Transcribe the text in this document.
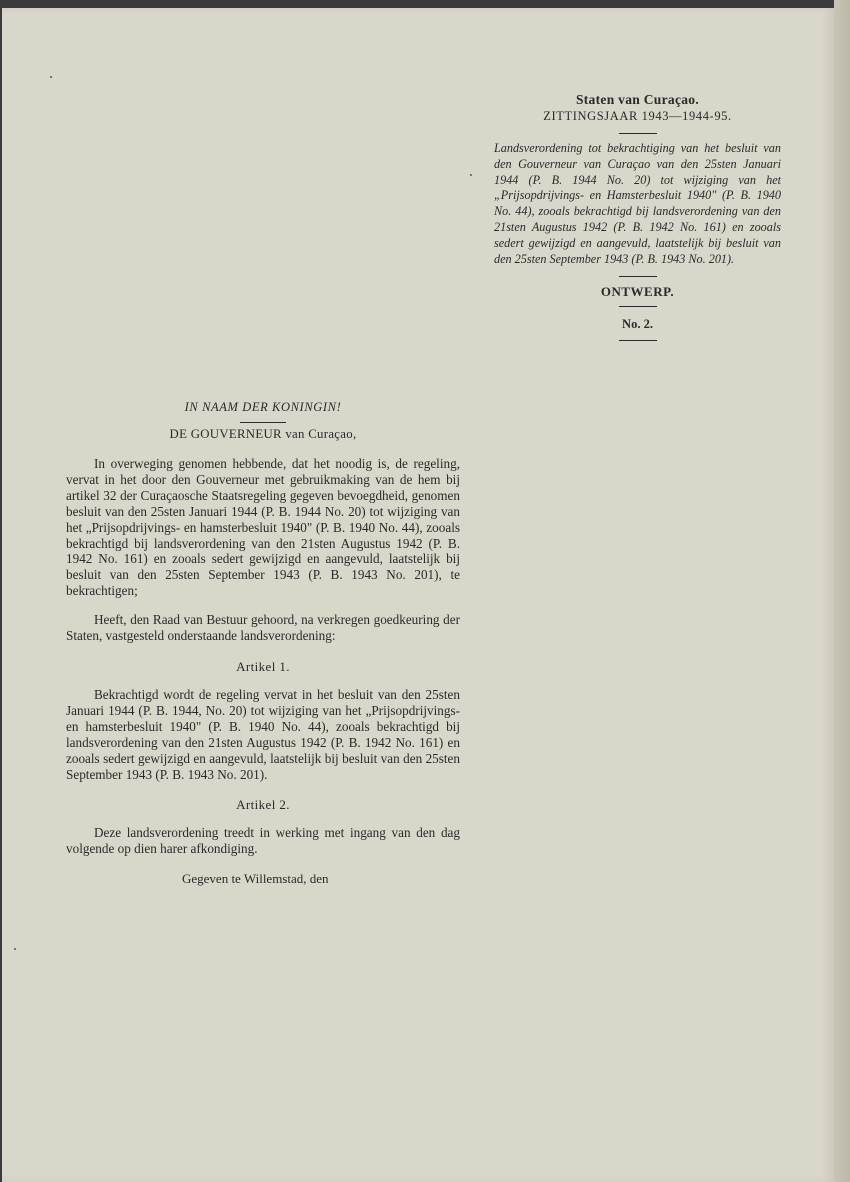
Staten van Curaçao.
ZITTINGSJAAR 1943—1944-95.
Landsverordening tot bekrachtiging van het besluit van den Gouverneur van Curaçao van den 25sten Januari 1944 (P. B. 1944 No. 20) tot wijziging van het „Prijsopdrijvings- en Hamsterbesluit 1940" (P. B. 1940 No. 44), zooals bekrachtigd bij landsverordening van den 21sten Augustus 1942 (P. B. 1942 No. 161) en zooals sedert gewijzigd en aangevuld, laatstelijk bij besluit van den 25sten September 1943 (P. B. 1943 No. 201).
ONTWERP.
No. 2.
IN NAAM DER KONINGIN!
DE GOUVERNEUR van Curaçao,

In overweging genomen hebbende, dat het noodig is, de regeling, vervat in het door den Gouverneur met gebruikmaking van de hem bij artikel 32 der Curaçaosche Staatsregeling gegeven bevoegdheid, genomen besluit van den 25sten Januari 1944 (P. B. 1944 No. 20) tot wijziging van het „Prijsopdrijvings- en hamsterbesluit 1940" (P. B. 1940 No. 44), zooals bekrachtigd bij landsverordening van den 21sten Augustus 1942 (P. B. 1942 No. 161) en zooals sedert gewijzigd en aangevuld, laatstelijk bij besluit van den 25sten September 1943 (P. B. 1943 No. 201), te bekrachtigen;

Heeft, den Raad van Bestuur gehoord, na verkregen goedkeuring der Staten, vastgesteld onderstaande landsverordening:

Artikel 1.

Bekrachtigd wordt de regeling vervat in het besluit van den 25sten Januari 1944 (P. B. 1944, No. 20) tot wijziging van het „Prijsopdrijvings- en hamsterbesluit 1940" (P. B. 1940 No. 44), zooals bekrachtigd bij landsverordening van den 21sten Augustus 1942 (P. B. 1942 No. 161) en zooals sedert gewijzigd en aangevuld, laatstelijk bij besluit van den 25sten September 1943 (P. B. 1943 No. 201).

Artikel 2.

Deze landsverordening treedt in werking met ingang van den dag volgende op dien harer afkondiging.

Gegeven te Willemstad, den
